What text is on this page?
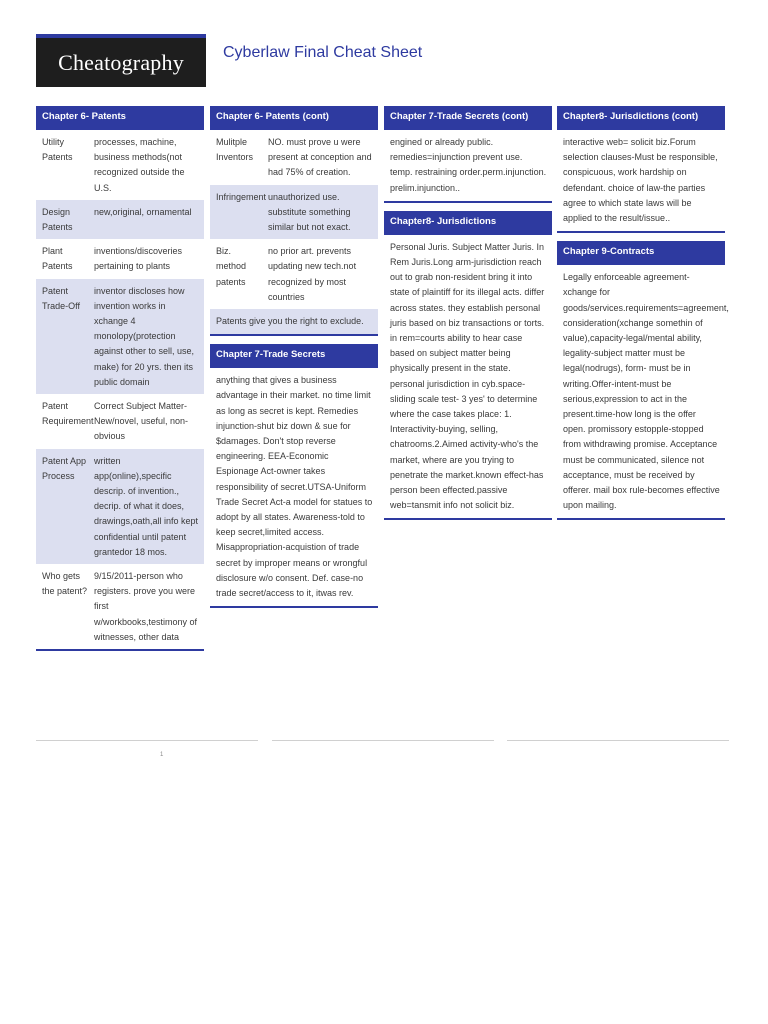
Cheatography	Cyberlaw Final Cheat Sheet
Chapter 6- Patents
Utility Patents
processes, machine, business methods(not recognized outside the U.S.
Design Patents
new,original, ornamental
Plant Patents
inventions/discoveries pertaining to plants
Patent Trade-Off
inventor discloses how invention works in xchange 4 monolopy(protection against other to sell, use, make) for 20 yrs. then its public domain
Patent Requirement
Correct Subject Matter-New/novel, useful, non-obvious
Patent App Process
written app(online),specific descrip. of invention., decrip. of what it does, drawings,oath,all info kept confidential until patent grantedor 18 mos.
Who gets the patent?
9/15/2011-person who registers. prove you were first w/workbooks,testimony of witnesses, other data
Chapter 6- Patents (cont)
Mulitple Inventors
NO. must prove u were present at conception and had 75% of creation.
Infringement unauthorized use. substitute something similar but not exact.
Biz. method patents
no prior art. prevents updating new tech.not recognized by most countries
Patents give you the right to exclude.
Chapter 7-Trade Secrets
anything that gives a business advantage in their market. no time limit as long as secret is kept. Remedies injunction-shut biz down & sue for $damages. Don't stop reverse engineering. EEA-Economic Espionage Act-owner takes responsibility of secret.UTSA-Uniform Trade Secret Act-a model for statues to adopt by all states. Awareness-told to keep secret,limited access. Misappropriation-acquistion of trade secret by improper means or wrongful disclosure w/o consent. Def. case-no trade secret/access to it, itwas rev.
Chapter 7-Trade Secrets (cont)
engined or already public. remedies=injunction prevent use. temp. restraining order.perm.injunction. prelim.injunction..
Chapter8- Jurisdictions
Personal Juris. Subject Matter Juris. In Rem Juris.Long arm-jurisdiction reach out to grab non-resident bring it into state of plaintiff for its illegal acts. differ across states. they establish personal juris based on biz transactions or torts. in rem=courts ability to hear case based on subject matter being physically present in the state. personal jurisdiction in cyb.space-sliding scale test- 3 yes' to determine where the case takes place: 1. Interactivity-buying, selling, chatrooms.2.Aimed activity-who's the market, where are you trying to penetrate the market.known effect-has person been effected.passive web=tansmit info not solicit biz.
Chapter8- Jurisdictions (cont)
interactive web= solicit biz.Forum selection clauses-Must be responsible, conspicuous, work hardship on defendant. choice of law-the parties agree to which state laws will be applied to the result/issue..
Chapter 9-Contracts
Legally enforceable agreement-xchange for goods/services.requirements=agreement, consideration(xchange somethin of value),capacity-legal/mental ability, legality-subject matter must be legal(nodrugs), form- must be in writing.Offer-intent-must be serious,expression to act in the present.time-how long is the offer open. promissory estopple-stopped from withdrawing promise. Acceptance must be communicated, silence not acceptance, must be received by offerer. mail box rule-becomes effective upon mailing.
1
